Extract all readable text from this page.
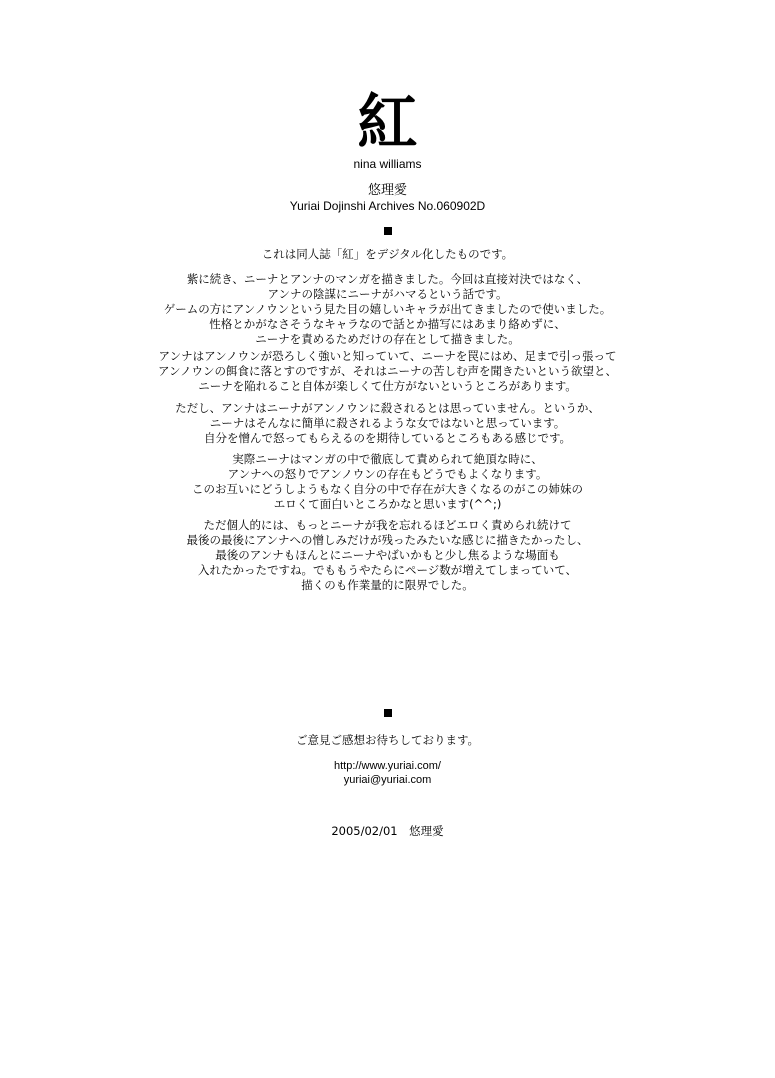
紅
nina williams
悠理愛
Yuriai Dojinshi Archives No.060902D
これは同人誌「紅」をデジタル化したものです。
紫に続き、ニーナとアンナのマンガを描きました。今回は直接対決ではなく、
アンナの陰謀にニーナがハマるという話です。
ゲームの方にアンノウンという見た目の嬉しいキャラが出てきましたので使いました。
性格とかがなさそうなキャラなので話とか描写にはあまり絡めずに、
ニーナを責めるためだけの存在として描きました。
アンナはアンノウンが恐ろしく強いと知っていて、ニーナを罠にはめ、足まで引っ張って
アンノウンの餌食に落とすのですが、それはニーナの苦しむ声を聞きたいという欲望と、
ニーナを陥れること自体が楽しくて仕方がないというところがあります。
ただし、アンナはニーナがアンノウンに殺されるとは思っていません。というか、
ニーナはそんなに簡単に殺されるような女ではないと思っています。
自分を憎んで怒ってもらえるのを期待しているところもある感じです。
実際ニーナはマンガの中で徹底して責められて絶頂な時に、
アンナへの怒りでアンノウンの存在もどうでもよくなります。
このお互いにどうしようもなく自分の中で存在が大きくなるのがこの姉妹の
エロくて面白いところかなと思います(^^;)
ただ個人的には、もっとニーナが我を忘れるほどエロく責められ続けて
最後の最後にアンナへの憎しみだけが残ったみたいな感じに描きたかったし、
最後のアンナもほんとにニーナやばいかもと少し焦るような場面も
入れたかったですね。でももうやたらにページ数が増えてしまっていて、
描くのも作業量的に限界でした。
ご意見ご感想お待ちしております。
http://www.yuriai.com/
yuriai@yuriai.com
2005/02/01　悠理愛
